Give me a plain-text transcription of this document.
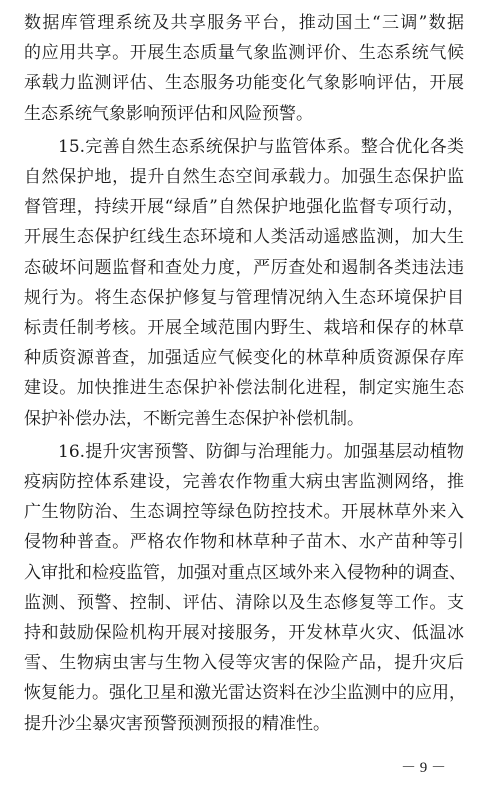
数据库管理系统及共享服务平台，推动国土“三调”数据
的应用共享。开展生态质量气象监测评价、生态系统气候
承载力监测评估、生态服务功能变化气象影响评估，开展
生态系统气象影响预评估和风险预警。
15.完善自然生态系统保护与监管体系。整合优化各类
自然保护地，提升自然生态空间承载力。加强生态保护监
督管理，持续开展“绿盾”自然保护地强化监督专项行动，
开展生态保护红线生态环境和人类活动遥感监测，加大生
态破坏问题监督和查处力度，严厉查处和遏制各类违法违
规行为。将生态保护修复与管理情况纳入生态环境保护目
标责任制考核。开展全域范围内野生、栽培和保存的林草
种质资源普查，加强适应气候变化的林草种质资源保存库
建设。加快推进生态保护补偿法制化进程，制定实施生态
保护补偿办法，不断完善生态保护补偿机制。
16.提升灾害预警、防御与治理能力。加强基层动植物
疫病防控体系建设，完善农作物重大病虫害监测网络，推
广生物防治、生态调控等绿色防控技术。开展林草外来入
侵物种普查。严格农作物和林草种子苗木、水产苗种等引
入审批和检疫监管，加强对重点区域外来入侵物种的调查、
监测、预警、控制、评估、清除以及生态修复等工作。支
持和鼓励保险机构开展对接服务，开发林草火灾、低温冰
雪、生物病虫害与生物入侵等灾害的保险产品，提升灾后
恢复能力。强化卫星和激光雷达资料在沙尘监测中的应用，
提升沙尘暴灾害预警预测预报的精准性。
－ 9 －
